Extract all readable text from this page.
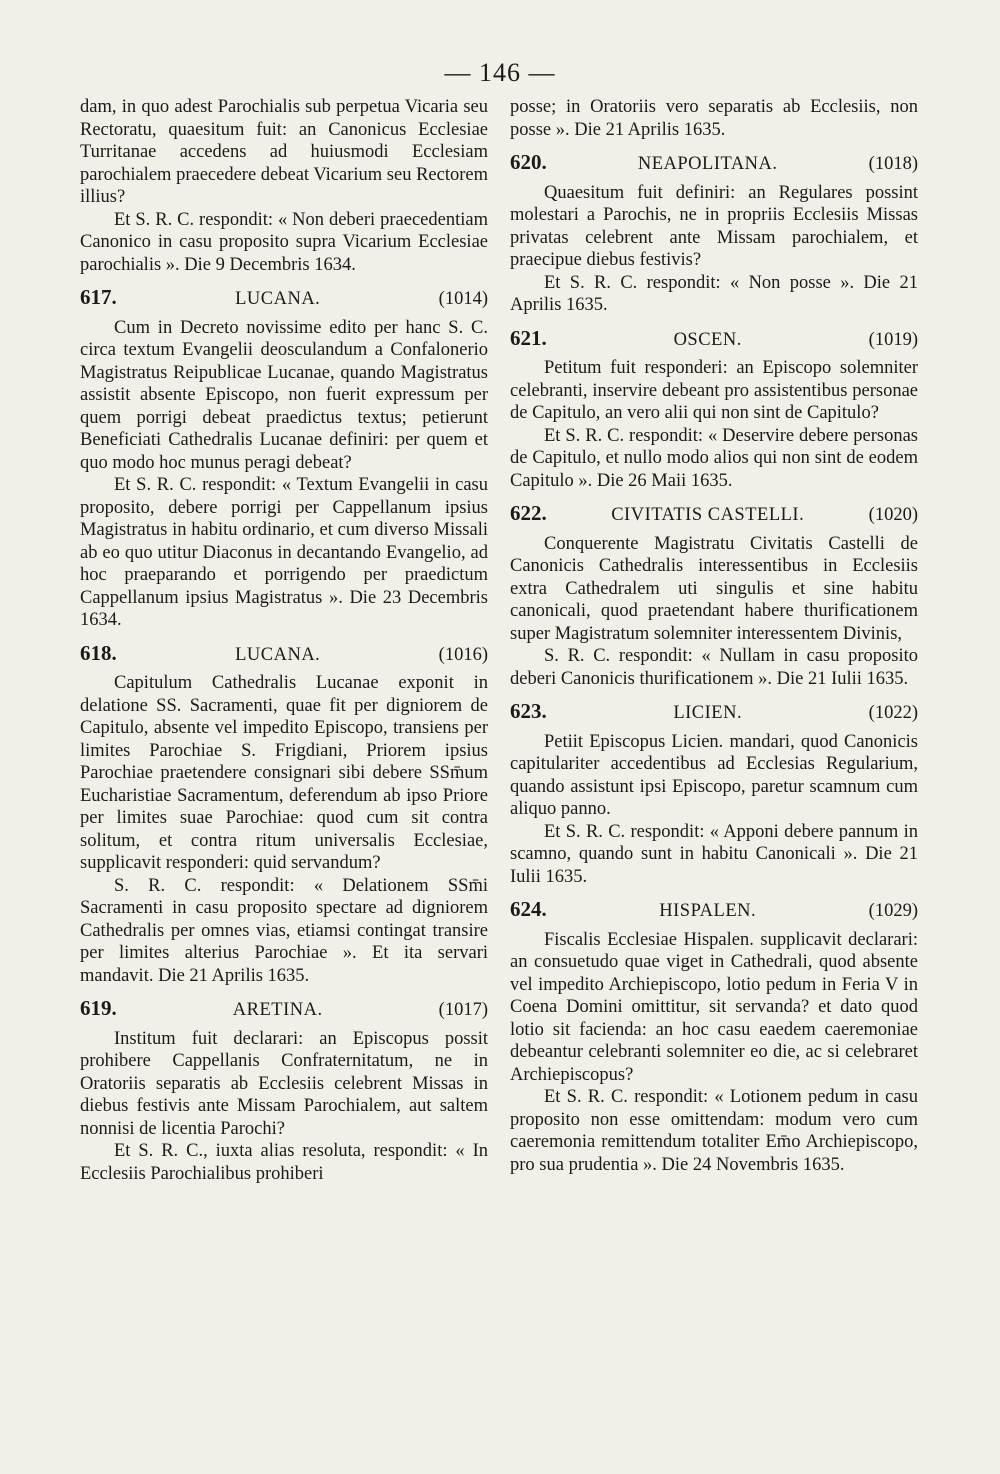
— 146 —

dam, in quo adest Parochialis sub perpetua Vicaria seu Rectoratu, quaesitum fuit: an Canonicus Ecclesiae Turritanae accedens ad huiusmodi Ecclesiam parochialem praecedere debeat Vicarium seu Rectorem illius?

Et S. R. C. respondit: « Non deberi praecedentiam Canonico in casu proposito supra Vicarium Ecclesiae parochialis ». Die 9 Decembris 1634.

617.	LUCANA.	(1014)

Cum in Decreto novissime edito per hanc S. C. circa textum Evangelii deosculandum a Confalonerio Magistratus Reipublicae Lucanae, quando Magistratus assistit absente Episcopo, non fuerit expressum per quem porrigi debeat praedictus textus; petierunt Beneficiati Cathedralis Lucanae definiri: per quem et quo modo hoc munus peragi debeat?

Et S. R. C. respondit: « Textum Evangelii in casu proposito, debere porrigi per Cappellanum ipsius Magistratus in habitu ordinario, et cum diverso Missali ab eo quo utitur Diaconus in decantando Evangelio, ad hoc praeparando et porrigendo per praedictum Cappellanum ipsius Magistratus ». Die 23 Decembris 1634.

618.	LUCANA.	(1016)

Capitulum Cathedralis Lucanae exponit in delatione SS. Sacramenti, quae fit per digniorem de Capitulo, absente vel impedito Episcopo, transiens per limites Parochiae S. Frigdiani, Priorem ipsius Parochiae praetendere consignari sibi debere SSm̄um Eucharistiae Sacramentum, deferendum ab ipso Priore per limites suae Parochiae: quod cum sit contra solitum, et contra ritum universalis Ecclesiae, supplicavit responderi: quid servandum?

S. R. C. respondit: « Delationem SSm̄i Sacramenti in casu proposito spectare ad digniorem Cathedralis per omnes vias, etiamsi contingat transire per limites alterius Parochiae ». Et ita servari mandavit. Die 21 Aprilis 1635.

619.	ARETINA.	(1017)

Institum fuit declarari: an Episcopus possit prohibere Cappellanis Confraternitatum, ne in Oratoriis separatis ab Ecclesiis celebrent Missas in diebus festivis ante Missam Parochialem, aut saltem nonnisi de licentia Parochi?

Et S. R. C., iuxta alias resoluta, respondit: « In Ecclesiis Parochialibus prohiberi

posse; in Oratoriis vero separatis ab Ecclesiis, non posse ». Die 21 Aprilis 1635.

620.	NEAPOLITANA.	(1018)

Quaesitum fuit definiri: an Regulares possint molestari a Parochis, ne in propriis Ecclesiis Missas privatas celebrent ante Missam parochialem, et praecipue diebus festivis?

Et S. R. C. respondit: « Non posse ». Die 21 Aprilis 1635.

621.	OSCEN.	(1019)

Petitum fuit responderi: an Episcopo solemniter celebranti, inservire debeant pro assistentibus personae de Capitulo, an vero alii qui non sint de Capitulo?

Et S. R. C. respondit: « Deservire debere personas de Capitulo, et nullo modo alios qui non sint de eodem Capitulo ». Die 26 Maii 1635.

622.	CIVITATIS CASTELLI.	(1020)

Conquerente Magistratu Civitatis Castelli de Canonicis Cathedralis interessentibus in Ecclesiis extra Cathedralem uti singulis et sine habitu canonicali, quod praetendant habere thurificationem super Magistratum solemniter interessentem Divinis,

S. R. C. respondit: « Nullam in casu proposito deberi Canonicis thurificationem ». Die 21 Iulii 1635.

623.	LICIEN.	(1022)

Petiit Episcopus Licien. mandari, quod Canonicis capitulariter accedentibus ad Ecclesias Regularium, quando assistunt ipsi Episcopo, paretur scamnum cum aliquo panno.

Et S. R. C. respondit: « Apponi debere pannum in scamno, quando sunt in habitu Canonicali ». Die 21 Iulii 1635.

624.	HISPALEN.	(1029)

Fiscalis Ecclesiae Hispalen. supplicavit declarari: an consuetudo quae viget in Cathedrali, quod absente vel impedito Archiepiscopo, lotio pedum in Feria V in Coena Domini omittitur, sit servanda? et dato quod lotio sit facienda: an hoc casu eaedem caeremoniae debeantur celebranti solemniter eo die, ac si celebraret Archiepiscopus?

Et S. R. C. respondit: « Lotionem pedum in casu proposito non esse omittendam: modum vero cum caeremonia remittendum totaliter Em̄o Archiepiscopo, pro sua prudentia ». Die 24 Novembris 1635.
